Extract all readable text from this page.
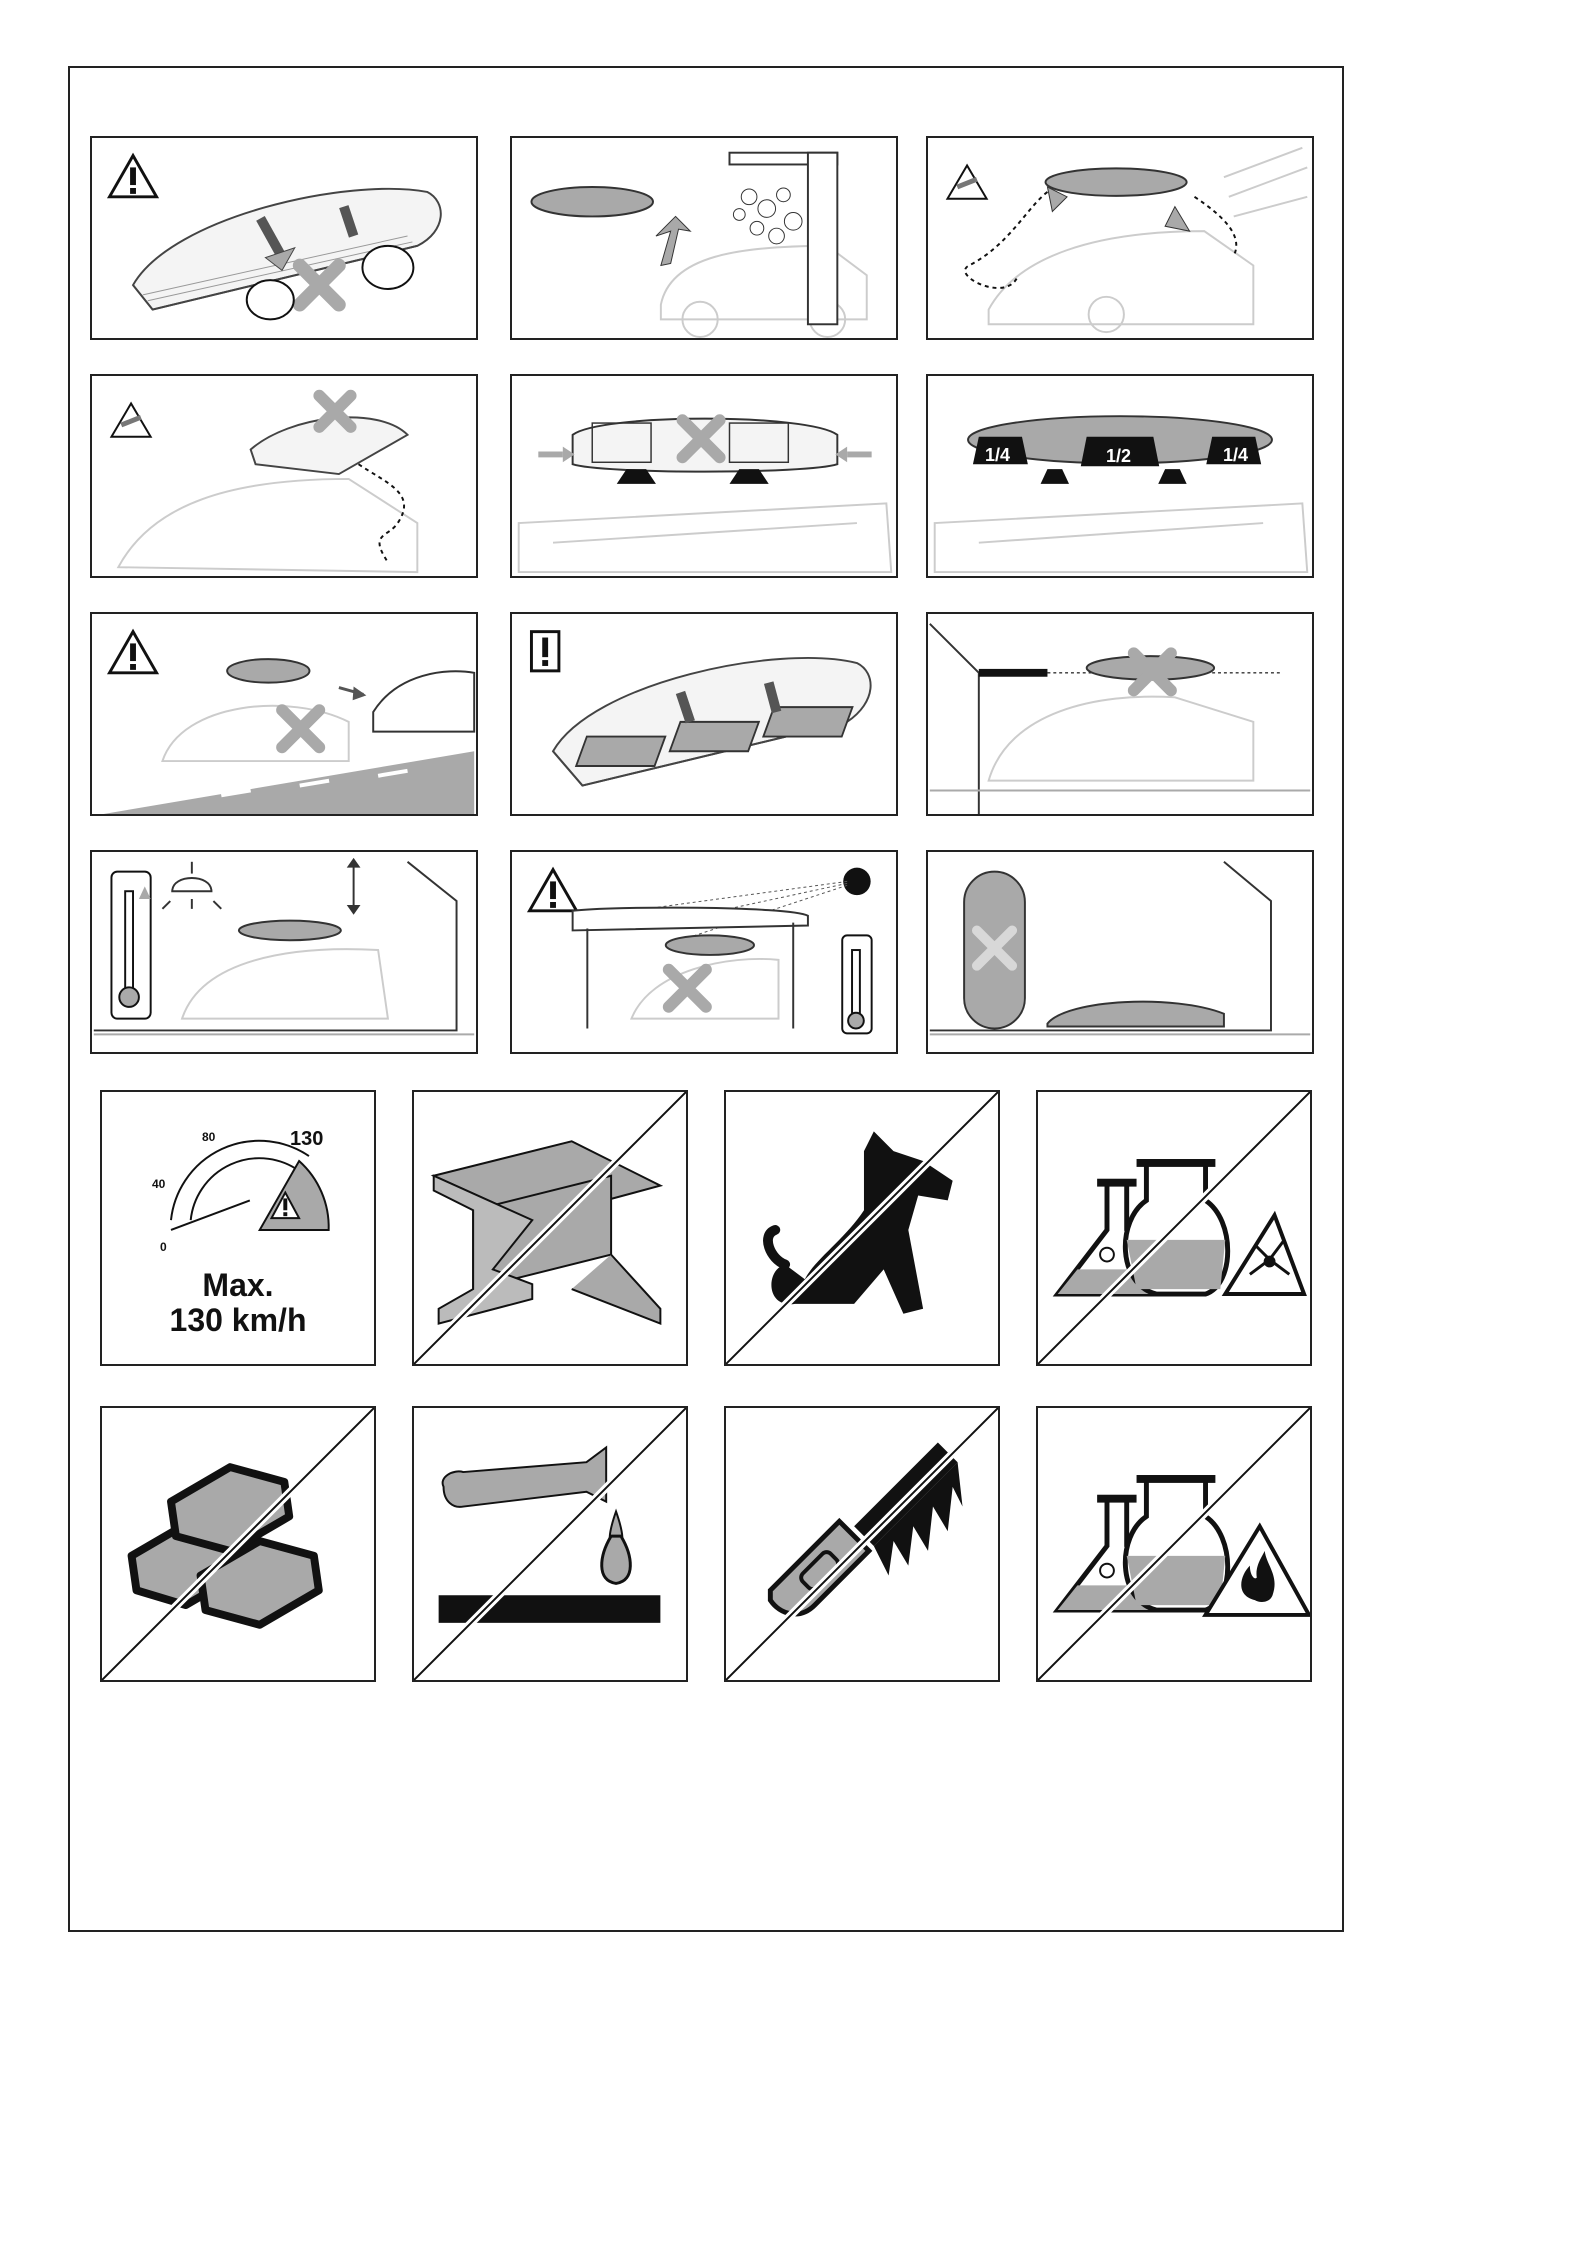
1/4	1/2	1/4
0
40
80	130
Max.
130 km/h
